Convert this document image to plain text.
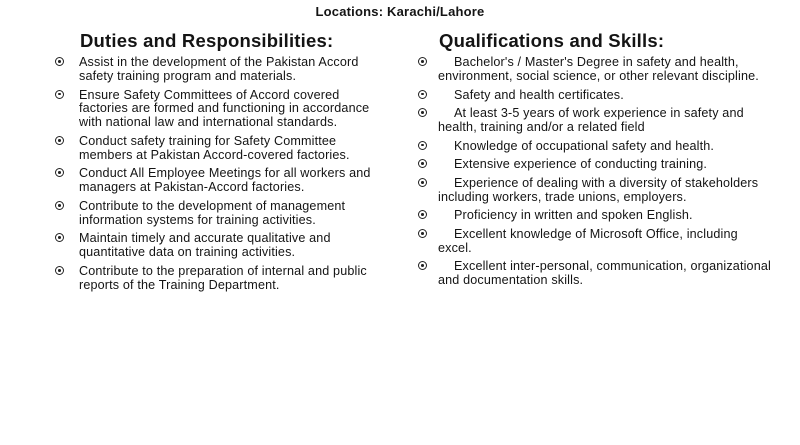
Locations: Karachi/Lahore
Duties and Responsibilities:
Assist in the development of the Pakistan Accord safety training program and materials.
Ensure Safety Committees of Accord covered factories are formed and functioning in accordance with national law and international standards.
Conduct safety training for Safety Committee members at Pakistan Accord-covered factories.
Conduct All Employee Meetings for all workers and managers at Pakistan-Accord factories.
Contribute to the development of management information systems for training activities.
Maintain timely and accurate qualitative and quantitative data on training activities.
Contribute to the preparation of internal and public reports of the Training Department.
Qualifications and Skills:
Bachelor's / Master's Degree in safety and health, environment, social science, or other relevant discipline.
Safety and health certificates.
At least 3-5 years of work experience in safety and health, training and/or a related field
Knowledge of occupational safety and health.
Extensive experience of conducting training.
Experience of dealing with a diversity of stakeholders including workers, trade unions, employers.
Proficiency in written and spoken English.
Excellent knowledge of Microsoft Office, including excel.
Excellent inter-personal, communication, organizational and documentation skills.
